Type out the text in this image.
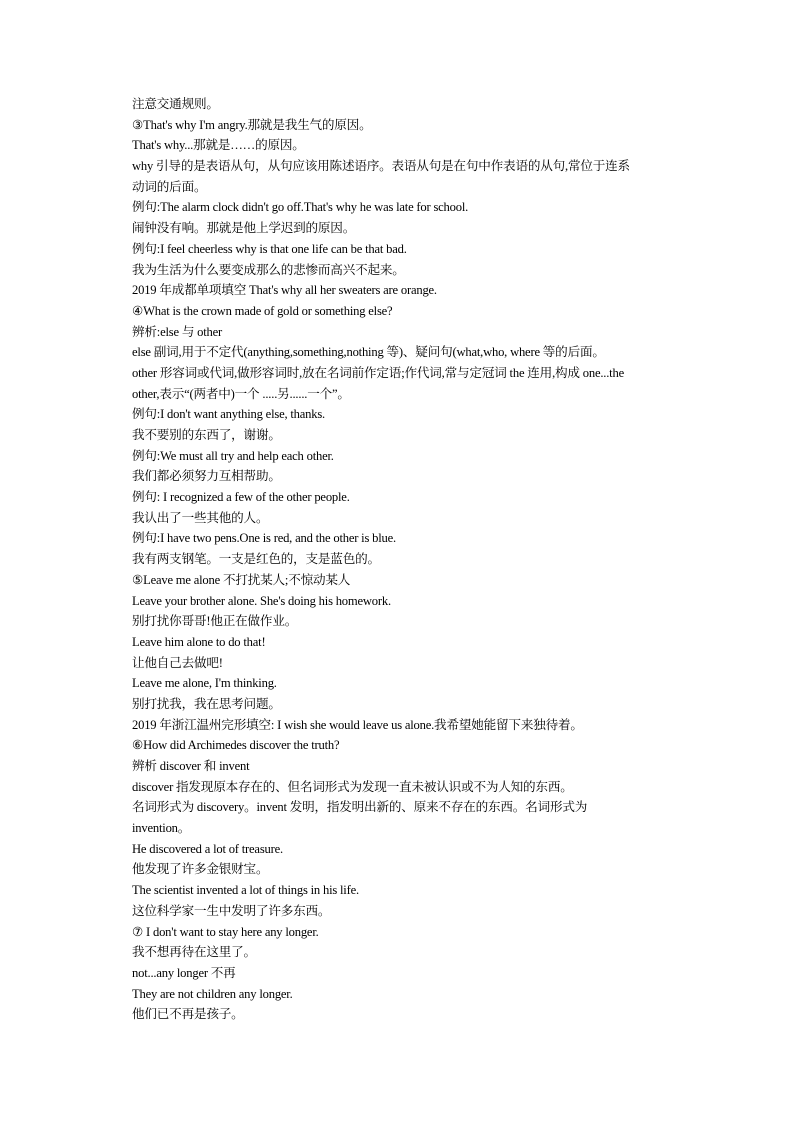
注意交通规则。
③That's why I'm angry.那就是我生气的原因。
That's why...那就是……的原因。
why 引导的是表语从句，从句应该用陈述语序。表语从句是在句中作表语的从句,常位于连系
动词的后面。
例句:The alarm clock didn't go off.That's why he was late for school.
闹钟没有响。那就是他上学迟到的原因。
例句:I feel cheerless why is that one life can be that bad.
我为生活为什么要变成那么的悲惨而高兴不起来。
2019 年成都单项填空 That's why all her sweaters are orange.
④What is the crown made of gold or something else?
辨析:else 与 other
else 副词,用于不定代(anything,something,nothing 等)、疑问句(what,who, where 等的后面。
other 形容词或代词,做形容词时,放在名词前作定语;作代词,常与定冠词 the 连用,构成 one...the
other,表示“(两者中)一个 .....另......一个”。
例句:I don't want anything else, thanks.
我不要别的东西了，谢谢。
例句:We must all try and help each other.
我们都必须努力互相帮助。
例句: I recognized a few of the other people.
我认出了一些其他的人。
例句:I have two pens.One is red, and the other is blue.
我有两支钢笔。一支是红色的，支是蓝色的。
⑤Leave me alone 不打扰某人;不惊动某人
Leave your brother alone. She's doing his homework.
别打扰你哥哥!他正在做作业。
Leave him alone to do that!
让他自己去做吧!
Leave me alone, I'm thinking.
别打扰我，我在思考问题。
2019 年浙江温州完形填空: I wish she would leave us alone.我希望她能留下来独待着。
⑥How did Archimedes discover the truth?
辨析 discover 和 invent
discover 指发现原本存在的、但名词形式为发现一直未被认识或不为人知的东西。
名词形式为 discovery。invent 发明，指发明出新的、原来不存在的东西。名词形式为
invention。
He discovered a lot of treasure.
他发现了许多金银财宝。
The scientist invented a lot of things in his life.
这位科学家一生中发明了许多东西。
⑦ I don't want to stay here any longer.
我不想再待在这里了。
not...any longer 不再
They are not children any longer.
他们已不再是孩子。
